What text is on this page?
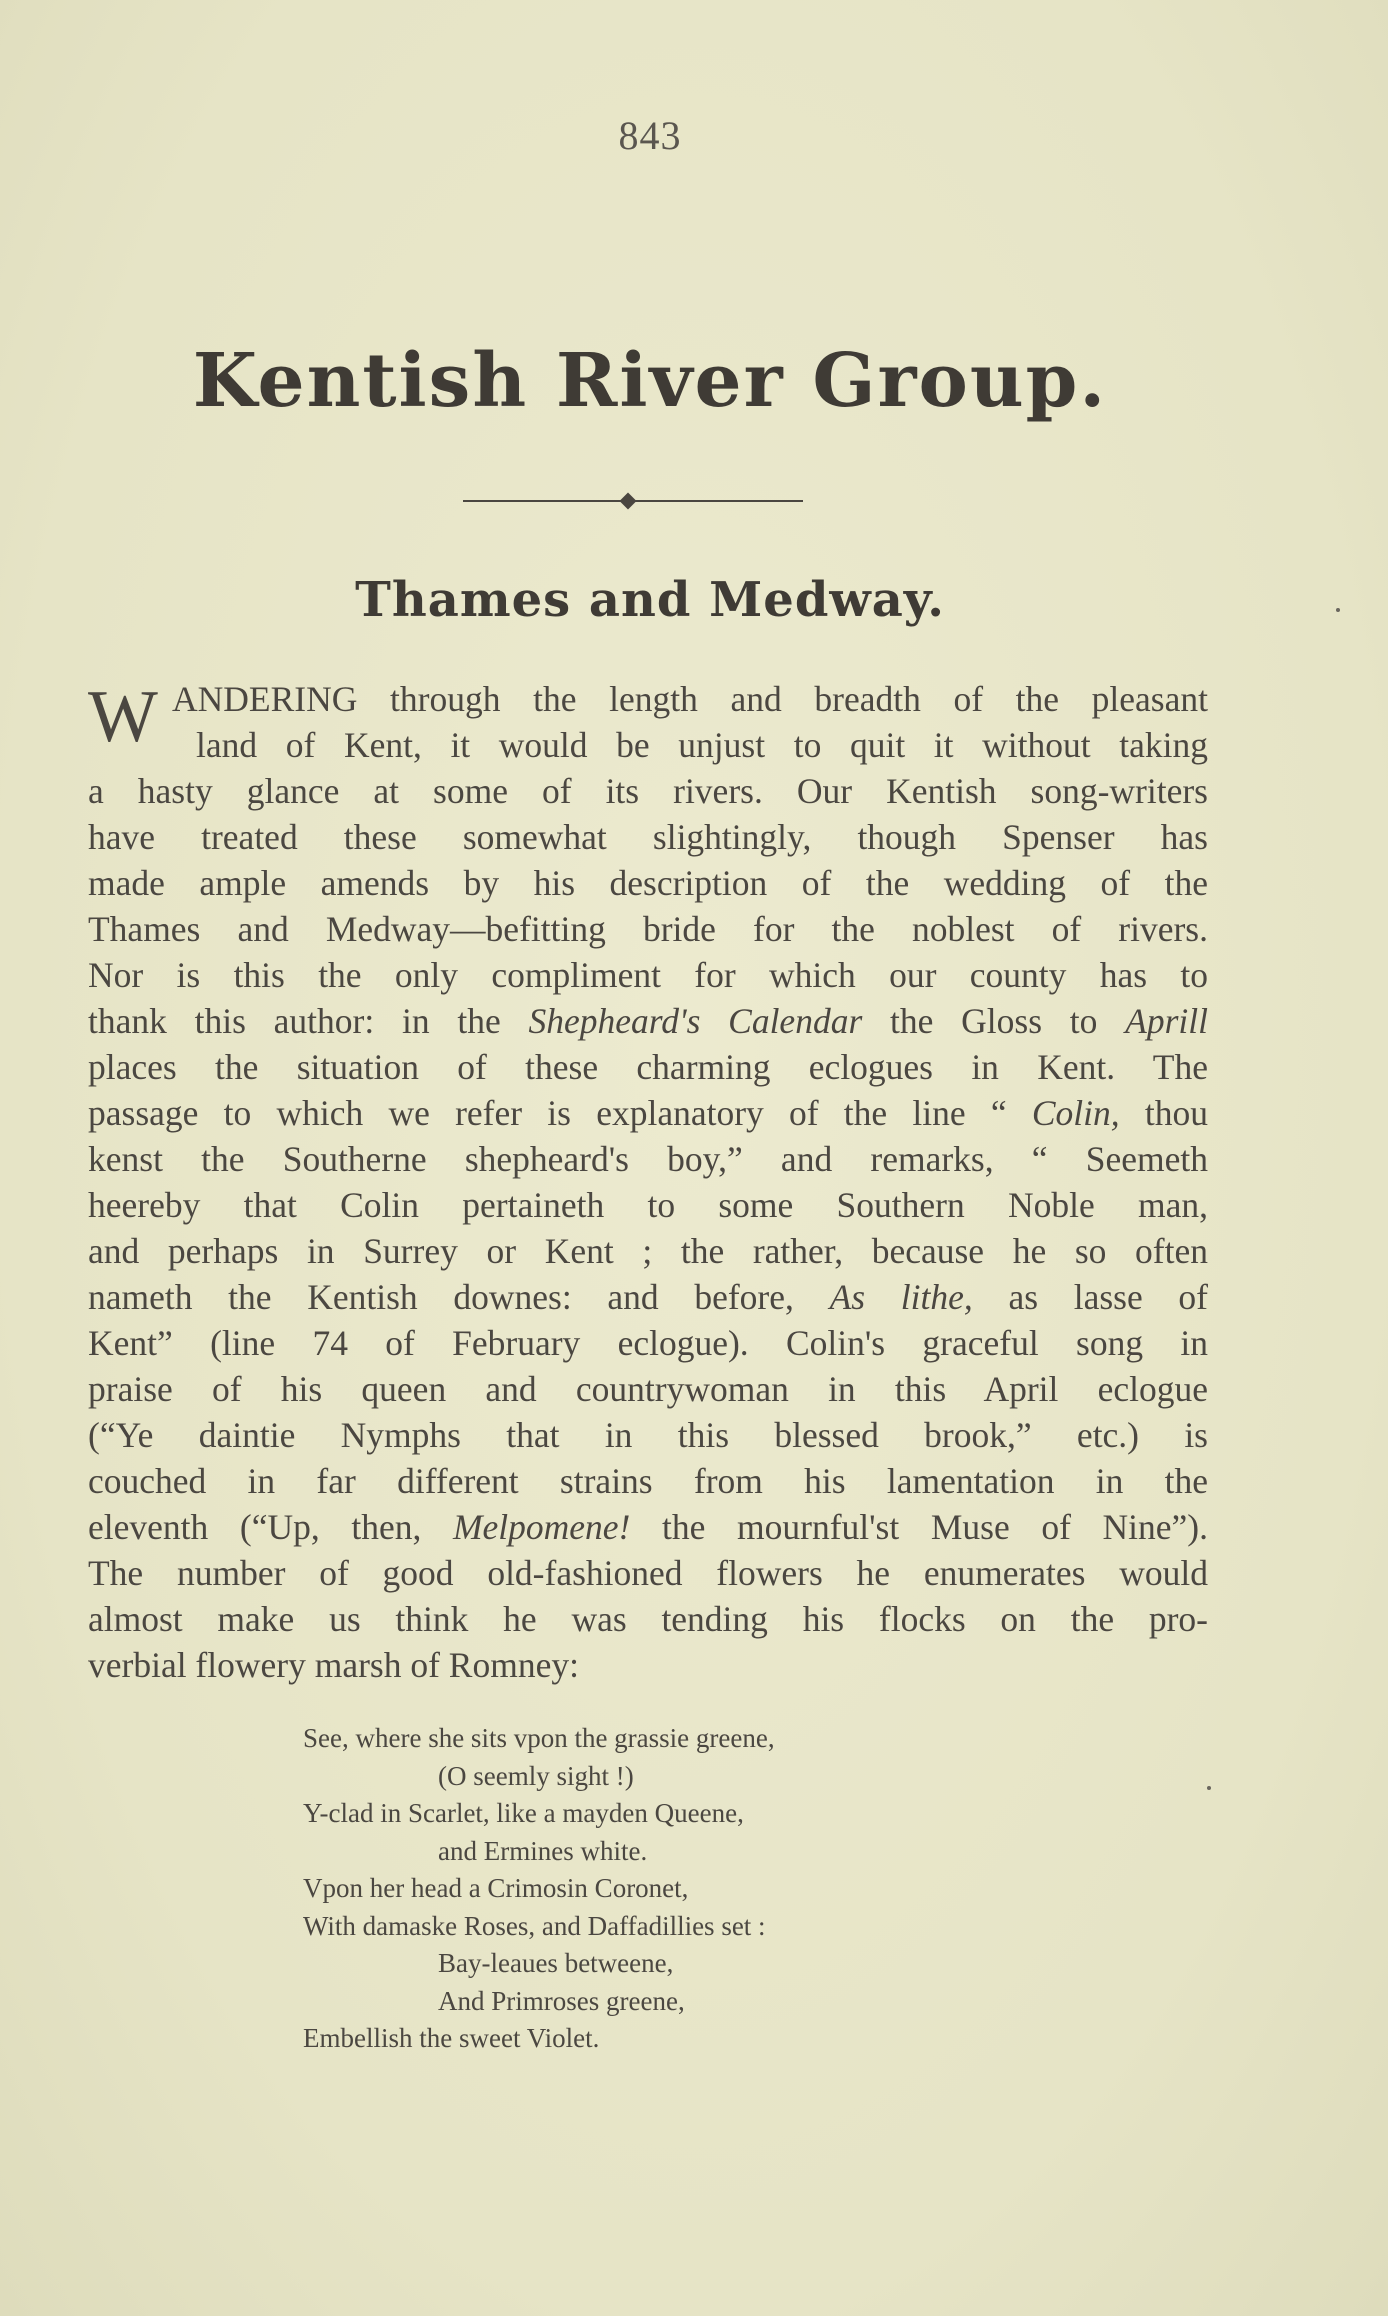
843
Kentish River Group.
Thames and Medway.
W ANDERING through the length and breadth of the pleasant
land of Kent, it would be unjust to quit it without taking
a hasty glance at some of its rivers. Our Kentish song-writers
have treated these somewhat slightingly, though Spenser has
made ample amends by his description of the wedding of the
Thames and Medway—befitting bride for the noblest of rivers.
Nor is this the only compliment for which our county has to
thank this author: in the Shepheard's Calendar the Gloss to Aprill
places the situation of these charming eclogues in Kent. The
passage to which we refer is explanatory of the line “ Colin, thou
kenst the Southerne shepheard's boy,” and remarks, “ Seemeth
heereby that Colin pertaineth to some Southern Noble man,
and perhaps in Surrey or Kent ; the rather, because he so often
nameth the Kentish downes: and before, As lithe, as lasse of
Kent” (line 74 of February eclogue). Colin's graceful song in
praise of his queen and countrywoman in this April eclogue
(“Ye daintie Nymphs that in this blessed brook,” etc.) is
couched in far different strains from his lamentation in the
eleventh (“Up, then, Melpomene! the mournful'st Muse of Nine”).
The number of good old-fashioned flowers he enumerates would
almost make us think he was tending his flocks on the pro-
verbial flowery marsh of Romney:
See, where she sits vpon the grassie greene,
(O seemly sight !)
Y-clad in Scarlet, like a mayden Queene,
and Ermines white.
Vpon her head a Crimosin Coronet,
With damaske Roses, and Daffadillies set :
Bay-leaues betweene,
And Primroses greene,
Embellish the sweet Violet.
